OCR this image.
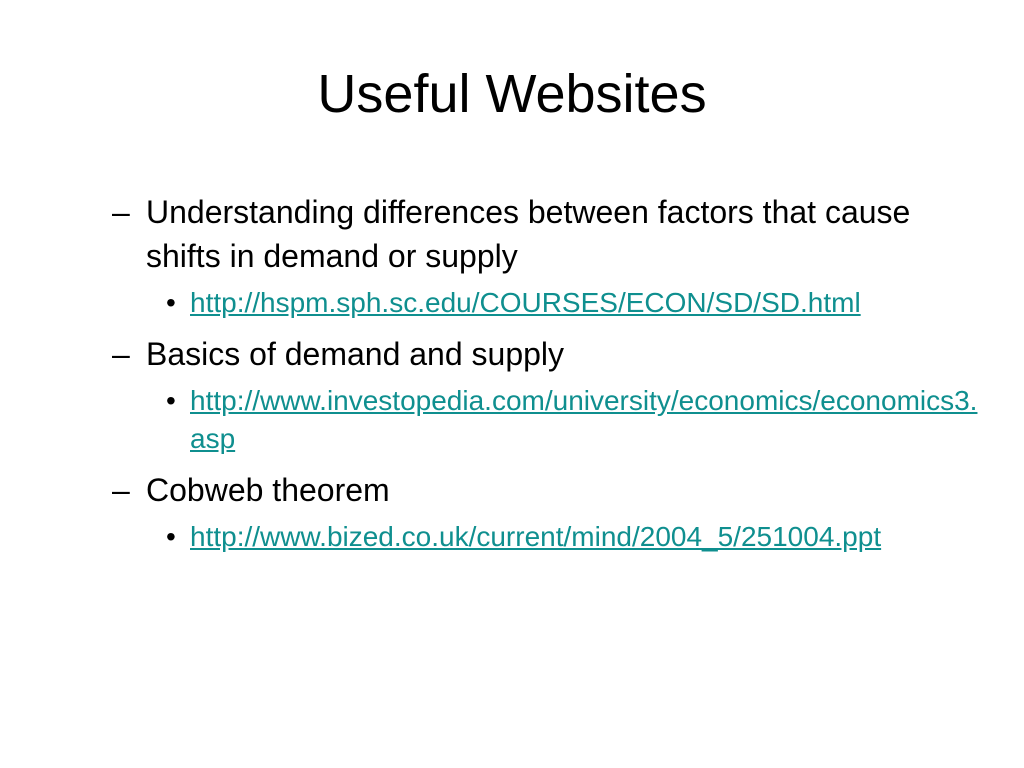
Useful Websites
– Understanding differences between factors that cause shifts in demand or supply
• http://hspm.sph.sc.edu/COURSES/ECON/SD/SD.html
– Basics of demand and supply
• http://www.investopedia.com/university/economics/economics3.asp
– Cobweb theorem
• http://www.bized.co.uk/current/mind/2004_5/251004.ppt
